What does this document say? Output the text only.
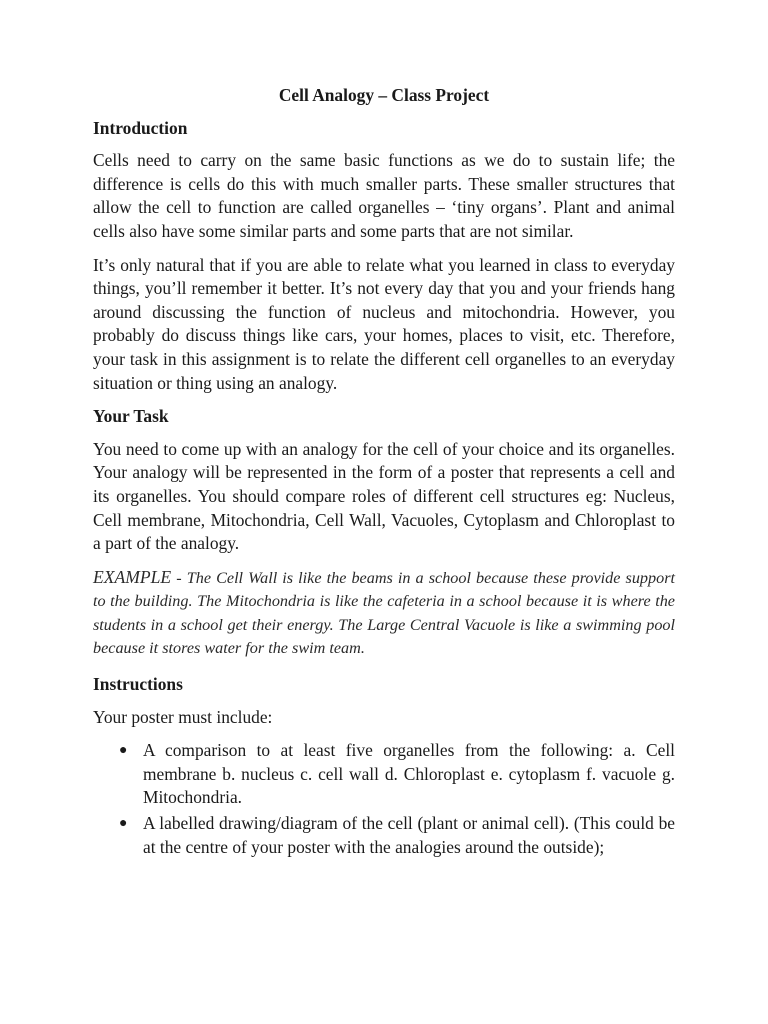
Cell Analogy – Class Project
Introduction

Cells need to carry on the same basic functions as we do to sustain life; the difference is cells do this with much smaller parts. These smaller structures that allow the cell to function are called organelles – ‘tiny organs’. Plant and animal cells also have some similar parts and some parts that are not similar.

It’s only natural that if you are able to relate what you learned in class to everyday things, you’ll remember it better. It’s not every day that you and your friends hang around discussing the function of nucleus and mitochondria. However, you probably do discuss things like cars, your homes, places to visit, etc. Therefore, your task in this assignment is to relate the different cell organelles to an everyday situation or thing using an analogy.

Your Task

You need to come up with an analogy for the cell of your choice and its organelles. Your analogy will be represented in the form of a poster that represents a cell and its organelles. You should compare roles of different cell structures eg: Nucleus, Cell membrane, Mitochondria, Cell Wall, Vacuoles, Cytoplasm and Chloroplast to a part of the analogy.

EXAMPLE - The Cell Wall is like the beams in a school because these provide support to the building. The Mitochondria is like the cafeteria in a school because it is where the students in a school get their energy. The Large Central Vacuole is like a swimming pool because it stores water for the swim team.
Instructions

Your poster must include:

● A comparison to at least five organelles from the following: a. Cell membrane b. nucleus c. cell wall d. Chloroplast e. cytoplasm f. vacuole g. Mitochondria.
● A labelled drawing/diagram of the cell (plant or animal cell). (This could be at the centre of your poster with the analogies around the outside);
